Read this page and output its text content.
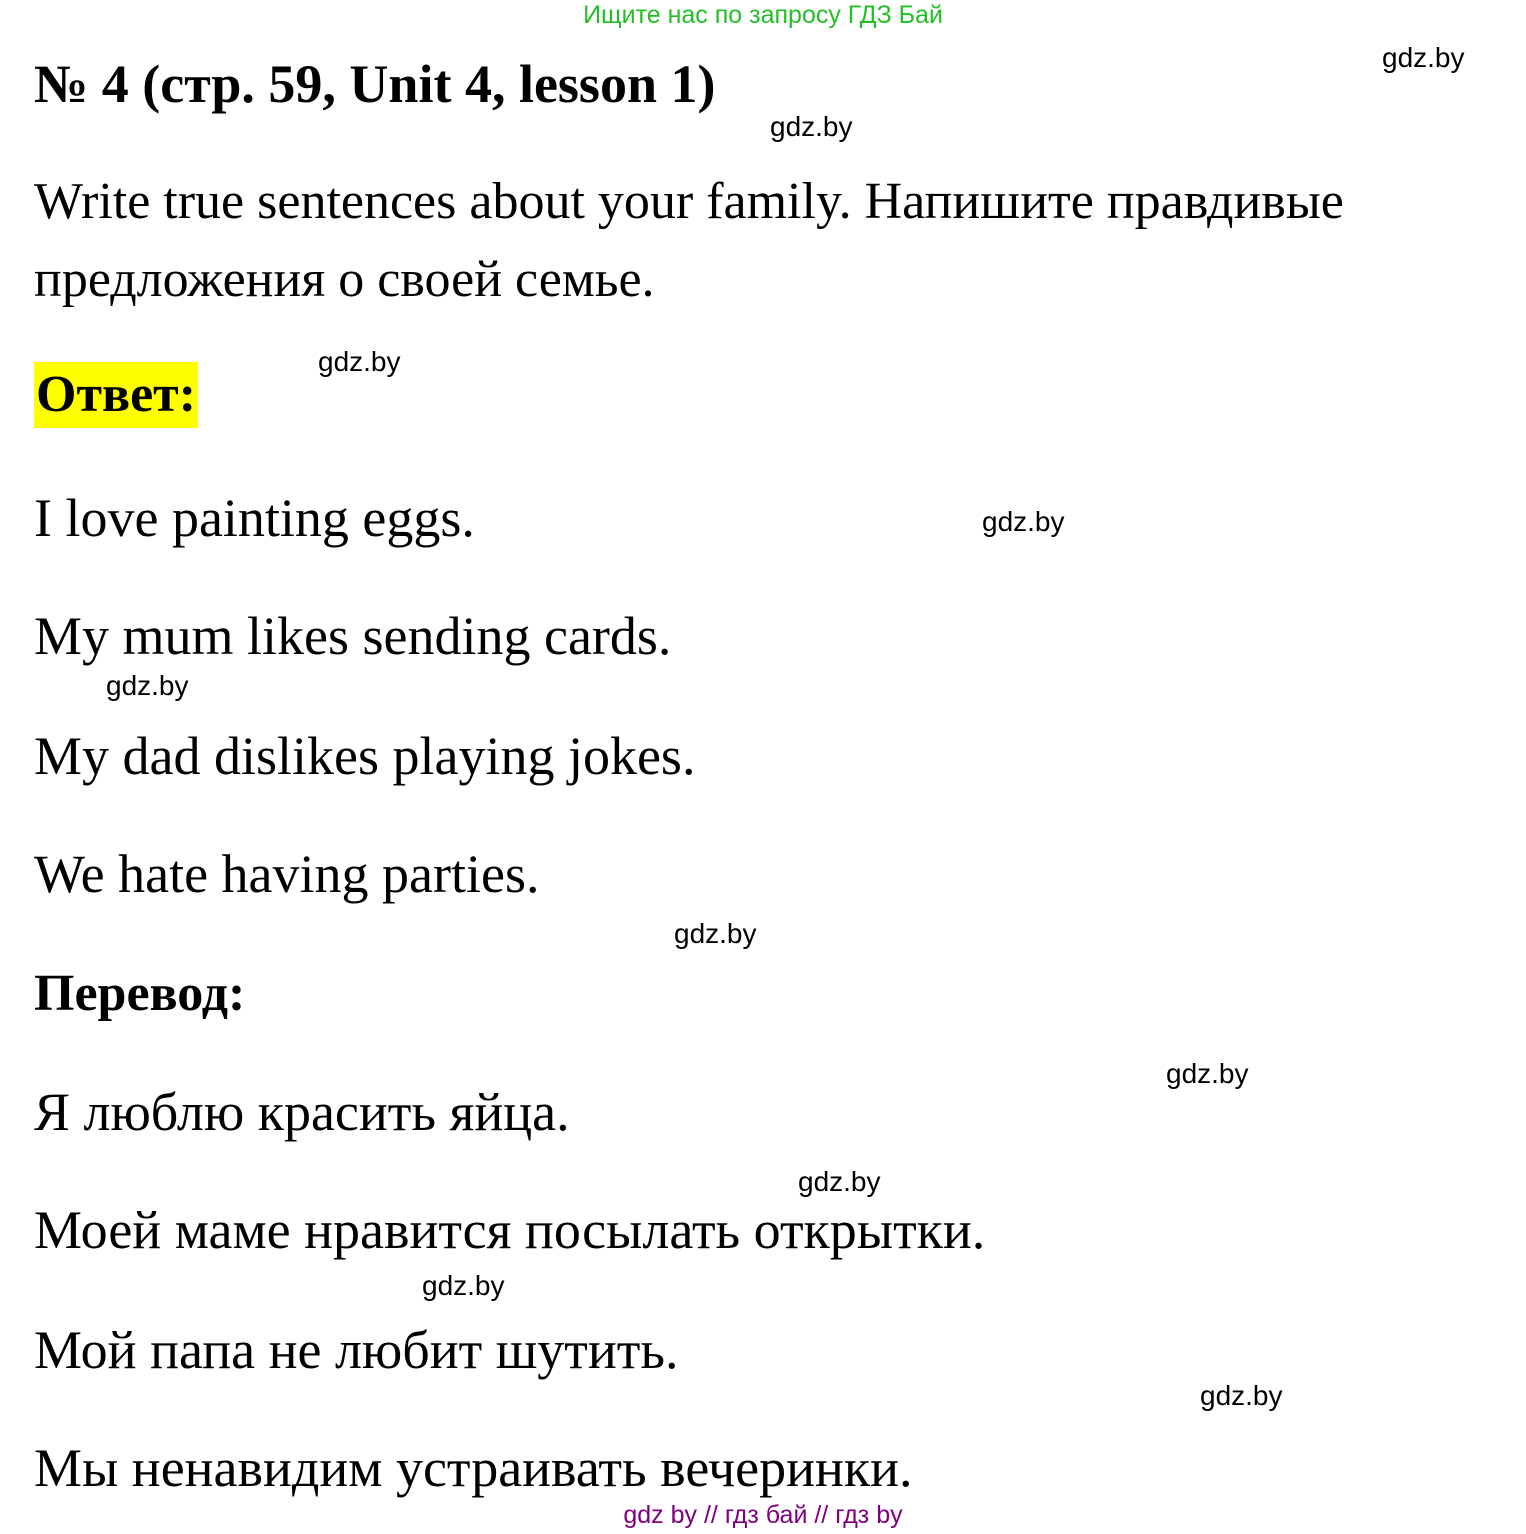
Ищите нас по запросу ГДЗ Бай
№ 4 (стр. 59, Unit 4, lesson 1)
Write true sentences about your family. Напишите правдивые
предложения о своей семье.
Ответ:
I love painting eggs.
My mum likes sending cards.
My dad dislikes playing jokes.
We hate having parties.
Перевод:
Я люблю красить яйца.
Моей маме нравится посылать открытки.
Мой папа не любит шутить.
Мы ненавидим устраивать вечеринки.
gdz.by
gdz.by
gdz.by
gdz.by
gdz.by
gdz.by
gdz.by
gdz.by
gdz.by
gdz by // гдз бай // гдз by
gdz.by
